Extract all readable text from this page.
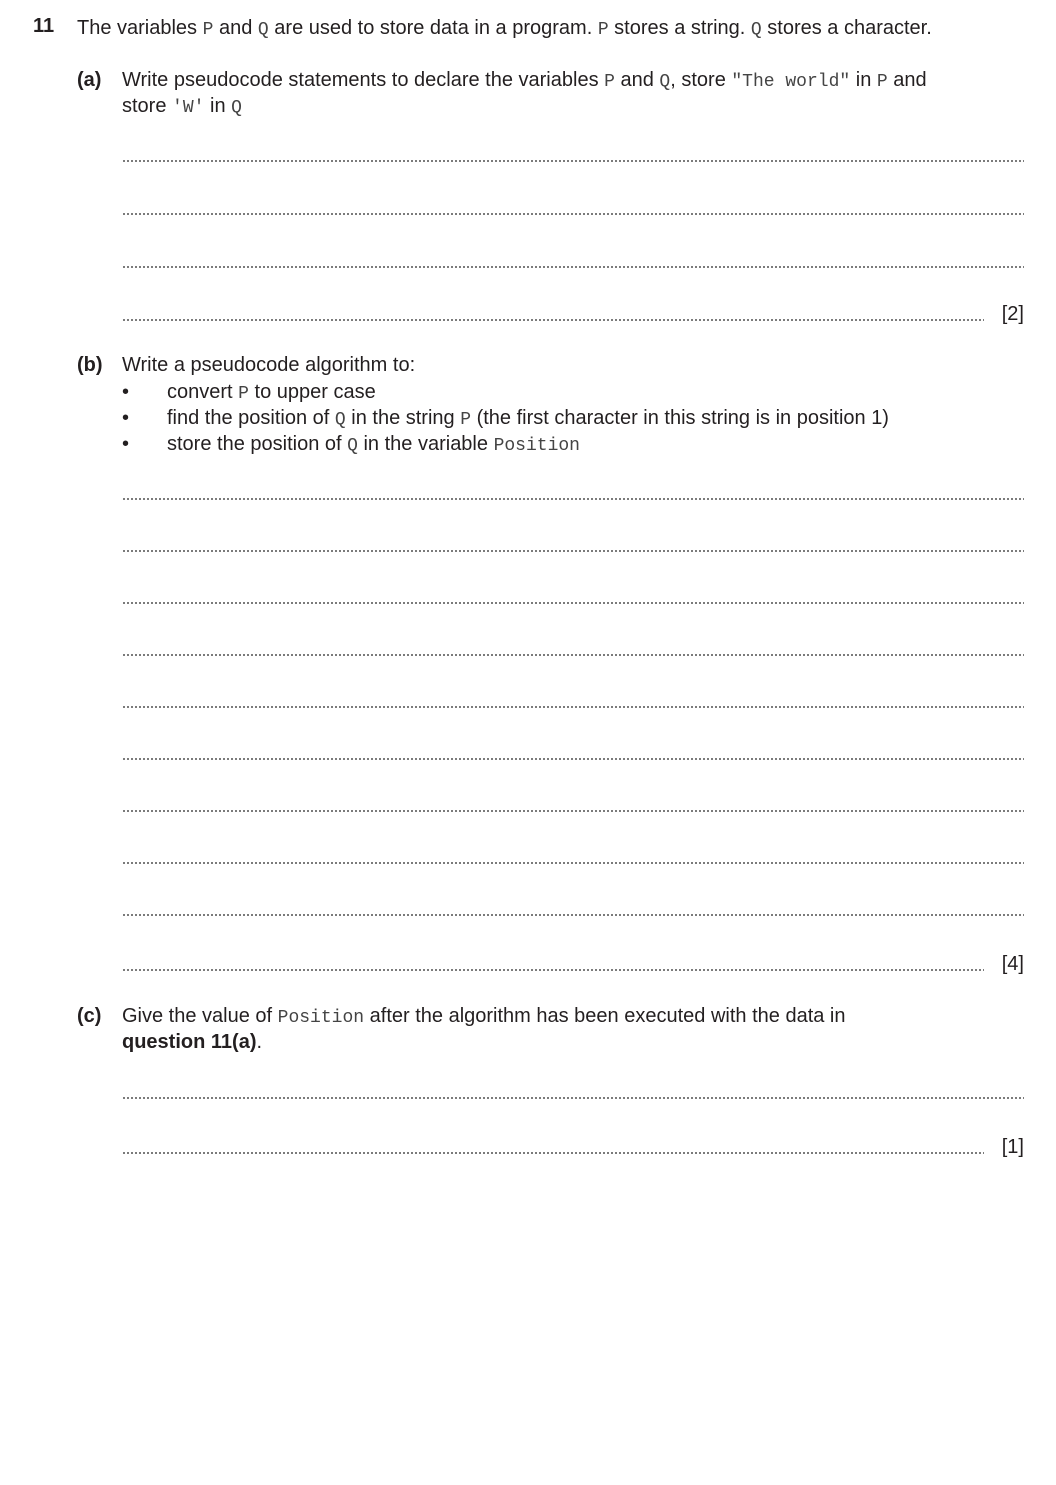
11 The variables P and Q are used to store data in a program. P stores a string. Q stores a character.
(a) Write pseudocode statements to declare the variables P and Q, store "The world" in P and
store 'W' in Q
[2]
(b) Write a pseudocode algorithm to:
• convert P to upper case
• find the position of Q in the string P (the first character in this string is in position 1)
• store the position of Q in the variable Position
[4]
(c) Give the value of Position after the algorithm has been executed with the data in
question 11(a).
[1]
